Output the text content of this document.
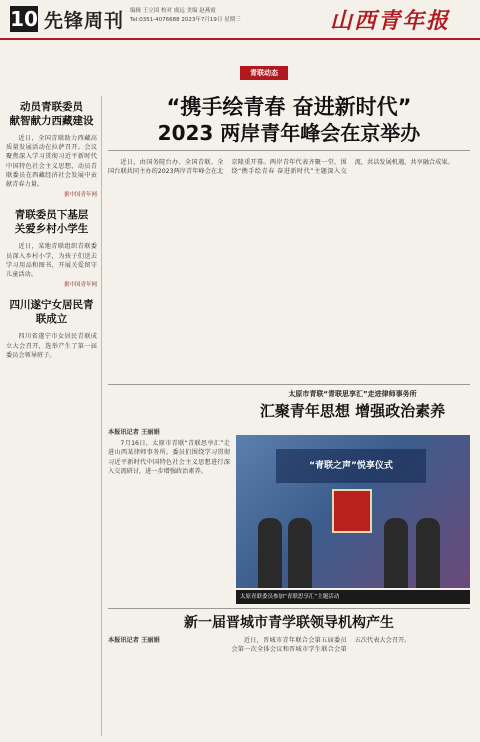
10 先锋周刊 编辑 王立国 校对 虞远 美编 赵燕霞
Tel:0351-4076688 2023年7月19日 星期三	山西青年报
动员青联委员
献智献力西藏建设

近日，全国青联助力西藏高质量发展活动在拉萨召开。会议聚焦深入学习贯彻习近平新时代中国特色社会主义思想，动员青联委员在西藏经济社会发展中贡献青春力量。

据中国青年网
青联委员下基层
关爱乡村小学生

近日，某地青联组织青联委员深入乡村小学，为孩子们送去学习用品和图书，开展关爱留守儿童活动。

据中国青年网
四川遂宁女居民青联成立

四川省遂宁市女居民青联成立大会召开，选举产生了第一届委员会领导班子。

青联动态
“携手绘青春 奋进新时代”
2023 两岸青年峰会在京举办

近日，由国务院台办、全国青联、全国台联共同主办的2023两岸青年峰会在北京隆重开幕。两岸青年代表齐聚一堂，围绕“携手绘青春 奋进新时代”主题深入交流，共话发展机遇，共享融合成果。

太原市青联“青联思享汇”走进律师事务所
汇聚青年思想 增强政治素养
本报讯记者 王丽娟

7月16日，太原市青联“青联思享汇”走进山西某律师事务所。委员们围绕学习贯彻习近平新时代中国特色社会主义思想进行深入交流研讨，进一步增强政治素养。

“青联之声”悦享仪式
太原青联委员参加“青联思享汇”主题活动
新一届晋城市青学联领导机构产生
本报讯记者 王丽娟	近日，晋城市青年联合会第五届委员会第一次全体会议和晋城市学生联合会第五次代表大会召开。
